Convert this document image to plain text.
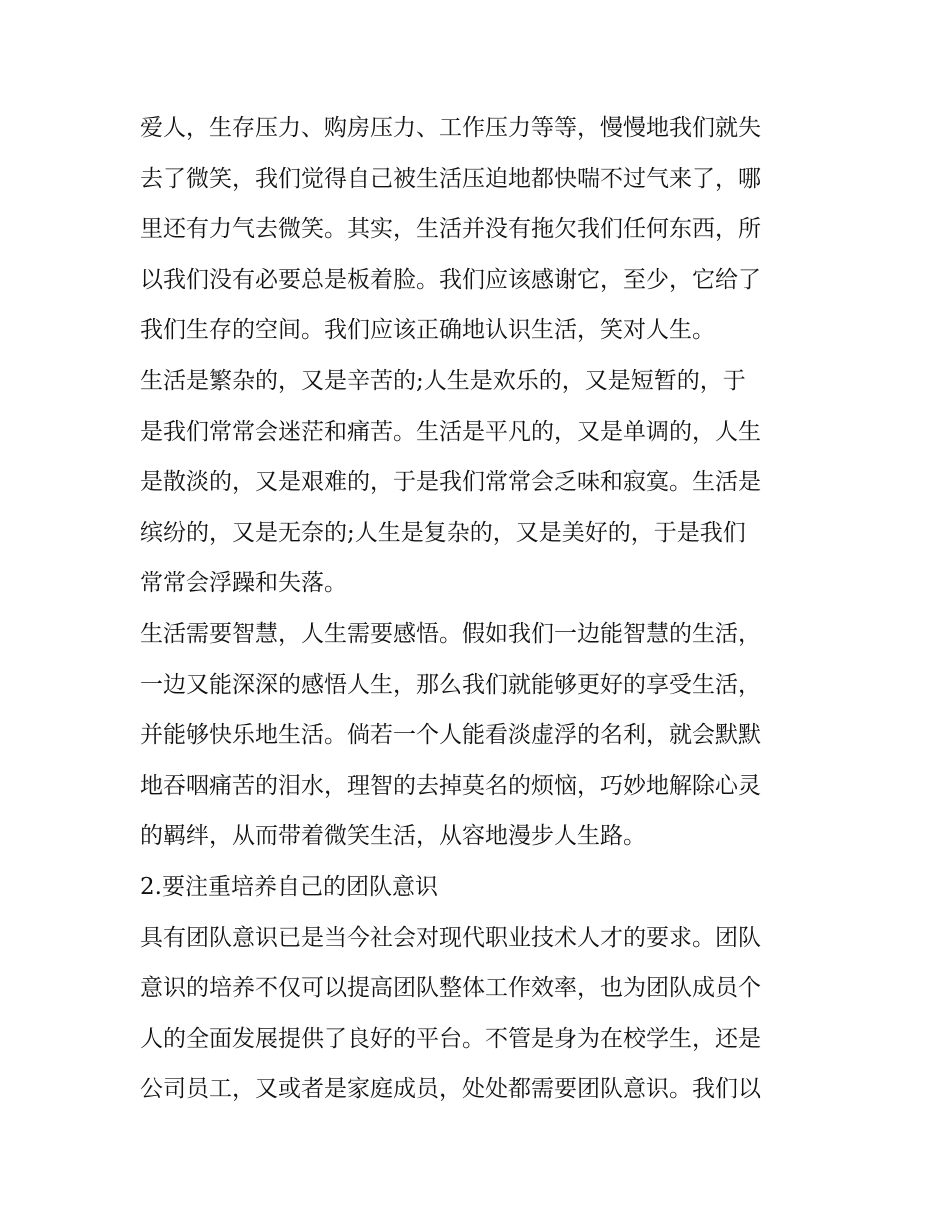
爱人，生存压力、购房压力、工作压力等等，慢慢地我们就失
去了微笑，我们觉得自己被生活压迫地都快喘不过气来了，哪
里还有力气去微笑。其实，生活并没有拖欠我们任何东西，所
以我们没有必要总是板着脸。我们应该感谢它，至少，它给了
我们生存的空间。我们应该正确地认识生活，笑对人生。
生活是繁杂的，又是辛苦的;人生是欢乐的，又是短暂的，于
是我们常常会迷茫和痛苦。生活是平凡的，又是单调的，人生
是散淡的，又是艰难的，于是我们常常会乏味和寂寞。生活是
缤纷的，又是无奈的;人生是复杂的，又是美好的，于是我们
常常会浮躁和失落。
生活需要智慧，人生需要感悟。假如我们一边能智慧的生活，
一边又能深深的感悟人生，那么我们就能够更好的享受生活，
并能够快乐地生活。倘若一个人能看淡虚浮的名利，就会默默
地吞咽痛苦的泪水，理智的去掉莫名的烦恼，巧妙地解除心灵
的羁绊，从而带着微笑生活，从容地漫步人生路。
2.要注重培养自己的团队意识
具有团队意识已是当今社会对现代职业技术人才的要求。团队
意识的培养不仅可以提高团队整体工作效率，也为团队成员个
人的全面发展提供了良好的平台。不管是身为在校学生，还是
公司员工，又或者是家庭成员，处处都需要团队意识。我们以
